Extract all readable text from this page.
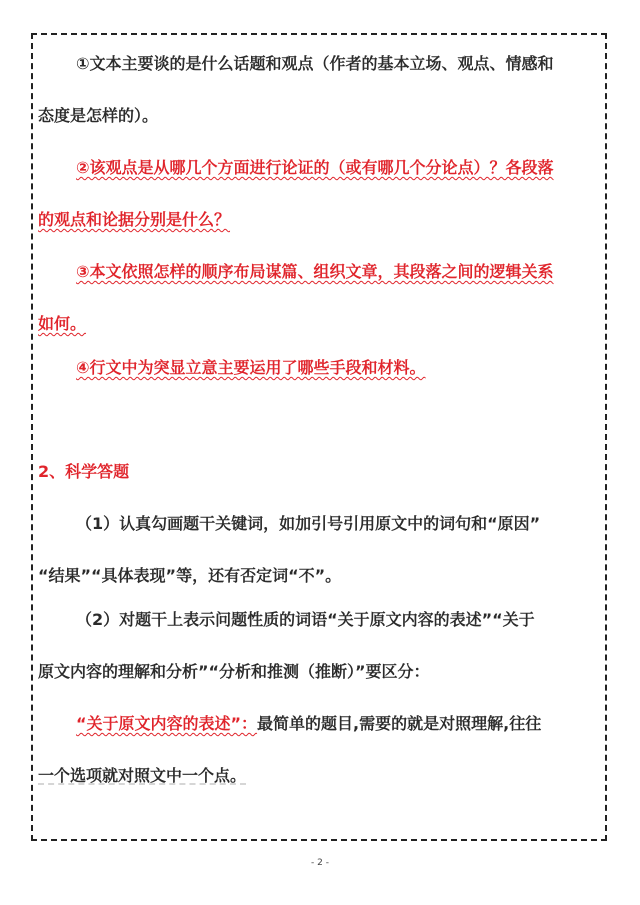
①文本主要谈的是什么话题和观点（作者的基本立场、观点、情感和
态度是怎样的）。
②该观点是从哪几个方面进行论证的（或有哪几个分论点）？各段落
的观点和论据分别是什么？
③本文依照怎样的顺序布局谋篇、组织文章，其段落之间的逻辑关系
如何。
④行文中为突显立意主要运用了哪些手段和材料。
2、科学答题
（1）认真勾画题干关键词，如加引号引用原文中的词句和“原因”
“结果”“具体表现”等，还有否定词“不”。
（2）对题干上表示问题性质的词语“关于原文内容的表述”“关于
原文内容的理解和分析”“分析和推测（推断）”要区分：
“关于原文内容的表述”：最简单的题目,需要的就是对照理解,往往
一个选项就对照文中一个点。
- 2 -
